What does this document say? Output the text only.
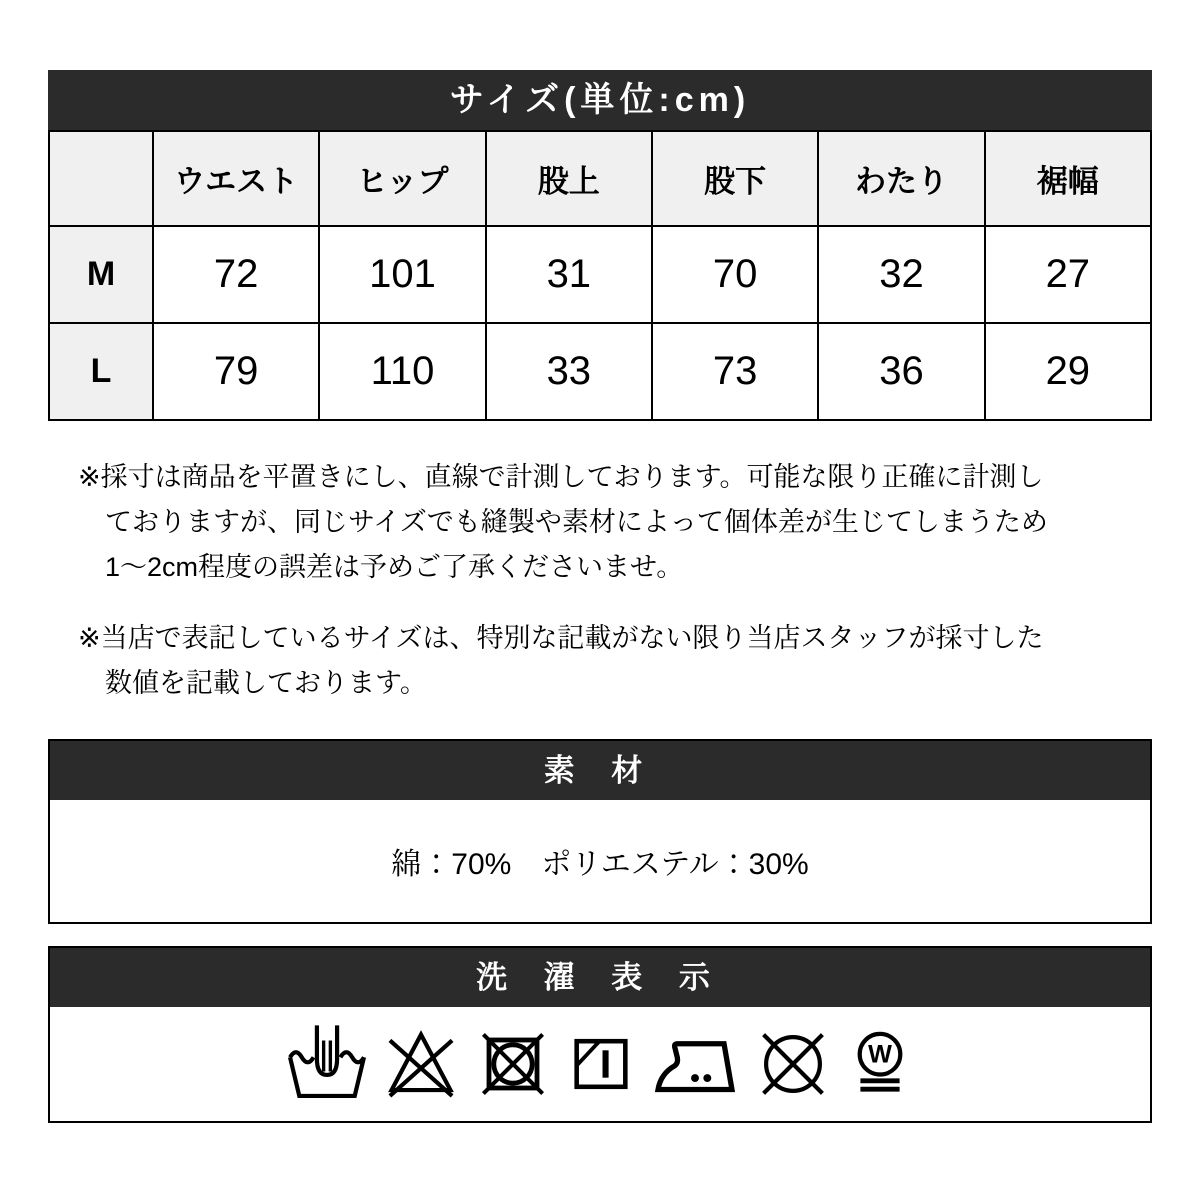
サイズ(単位:cm)
	ウエスト	ヒップ	股上	股下	わたり	裾幅
M	72	101	31	70	32	27
L	79	110	33	73	36	29
※採寸は商品を平置きにし、直線で計測しております。可能な限り正確に計測し
ておりますが、同じサイズでも縫製や素材によって個体差が生じてしまうため
1〜2cm程度の誤差は予めご了承くださいませ。
※当店で表記しているサイズは、特別な記載がない限り当店スタッフが採寸した
数値を記載しております。
素 材
綿：70%　ポリエステル：30%
洗 濯 表 示
W
